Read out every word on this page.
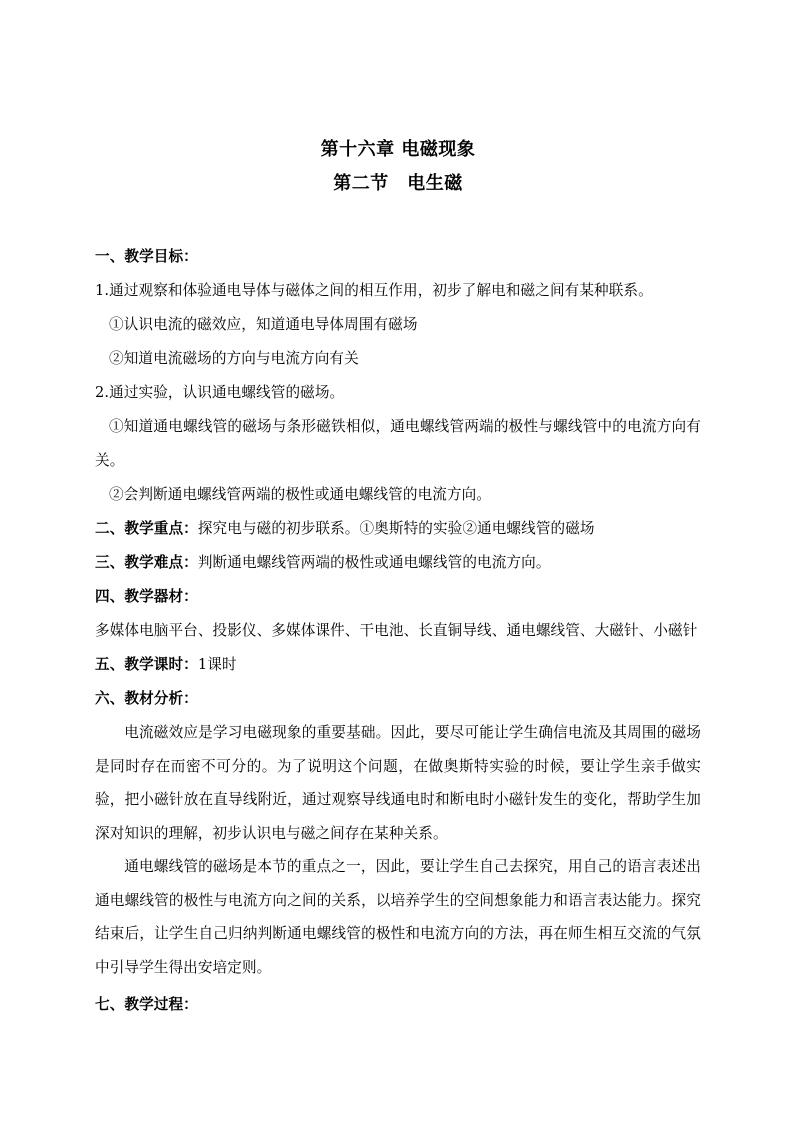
第十六章 电磁现象
第二节　电生磁
一、教学目标：
1.通过观察和体验通电导体与磁体之间的相互作用，初步了解电和磁之间有某种联系。
①认识电流的磁效应，知道通电导体周围有磁场
②知道电流磁场的方向与电流方向有关
2.通过实验，认识通电螺线管的磁场。
①知道通电螺线管的磁场与条形磁铁相似，通电螺线管两端的极性与螺线管中的电流方向有关。
②会判断通电螺线管两端的极性或通电螺线管的电流方向。
二、教学重点：探究电与磁的初步联系。①奥斯特的实验②通电螺线管的磁场
三、教学难点：判断通电螺线管两端的极性或通电螺线管的电流方向。
四、教学器材：
多媒体电脑平台、投影仪、多媒体课件、干电池、长直铜导线、通电螺线管、大磁针、小磁针
五、教学课时：1课时
六、教材分析：
电流磁效应是学习电磁现象的重要基础。因此，要尽可能让学生确信电流及其周围的磁场是同时存在而密不可分的。为了说明这个问题，在做奥斯特实验的时候，要让学生亲手做实验，把小磁针放在直导线附近，通过观察导线通电时和断电时小磁针发生的变化，帮助学生加深对知识的理解，初步认识电与磁之间存在某种关系。
通电螺线管的磁场是本节的重点之一，因此，要让学生自己去探究，用自己的语言表述出通电螺线管的极性与电流方向之间的关系，以培养学生的空间想象能力和语言表达能力。探究结束后，让学生自己归纳判断通电螺线管的极性和电流方向的方法，再在师生相互交流的气氛中引导学生得出安培定则。
七、教学过程：
